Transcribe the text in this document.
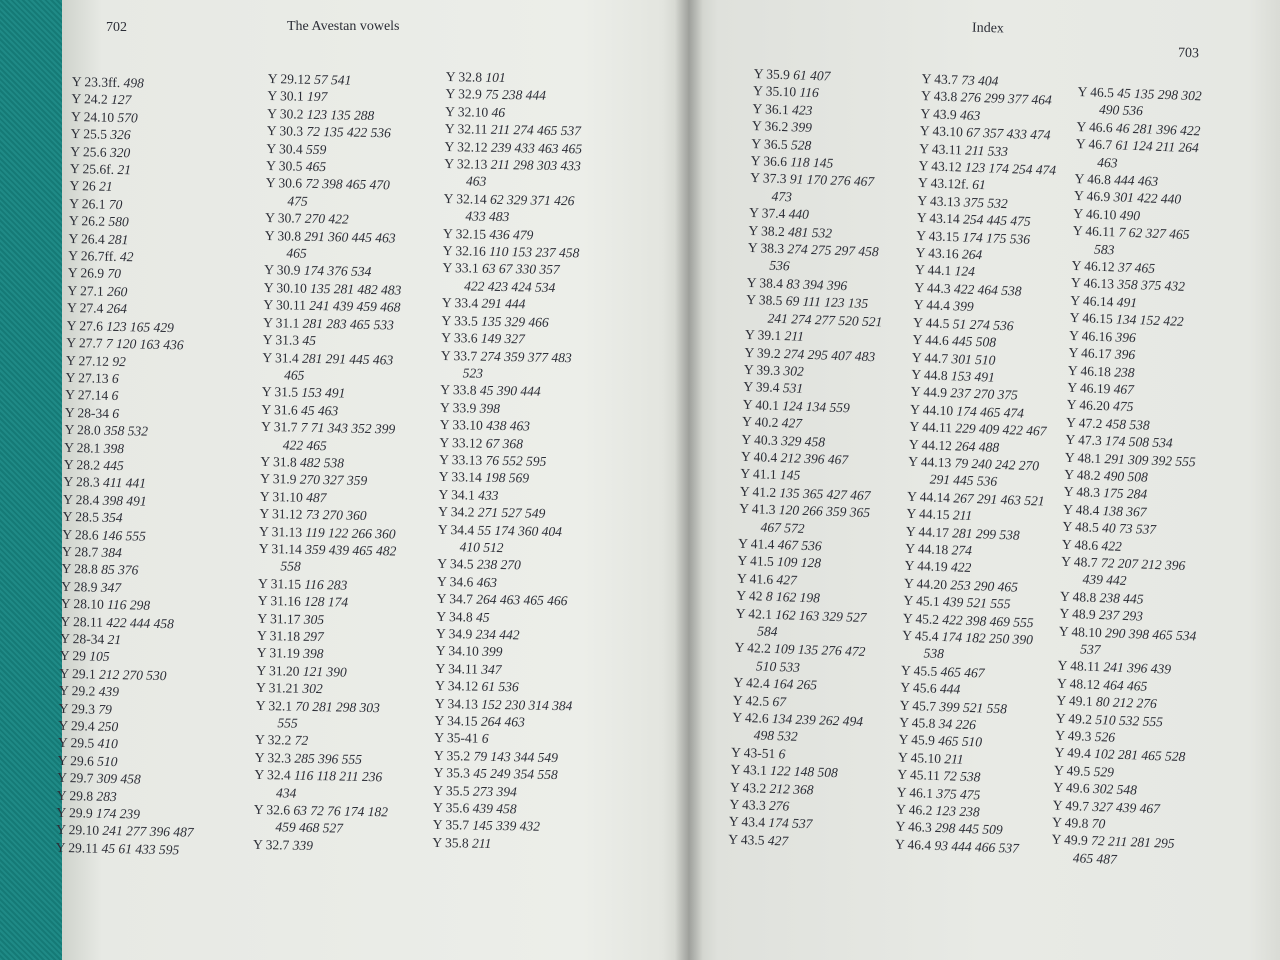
702	The Avestan vowels
Y 23.3ff. 498
Y 24.2 127
Y 24.10 570
Y 25.5 326
Y 25.6 320
Y 25.6f. 21
Y 26 21
Y 26.1 70
Y 26.2 580
Y 26.4 281
Y 26.7ff. 42
Y 26.9 70
Y 27.1 260
Y 27.4 264
Y 27.6 123 165 429
Y 27.7 7 120 163 436
Y 27.12 92
Y 27.13 6
Y 27.14 6
Y 28-34 6
Y 28.0 358 532
Y 28.1 398
Y 28.2 445
Y 28.3 411 441
Y 28.4 398 491
Y 28.5 354
Y 28.6 146 555
Y 28.7 384
Y 28.8 85 376
Y 28.9 347
Y 28.10 116 298
Y 28.11 422 444 458
Y 28-34 21
Y 29 105
Y 29.1 212 270 530
Y 29.2 439
Y 29.3 79
Y 29.4 250
Y 29.5 410
Y 29.6 510
Y 29.7 309 458
Y 29.8 283
Y 29.9 174 239
Y 29.10 241 277 396 487
Y 29.11 45 61 433 595
Y 29.12 57 541
Y 30.1 197
Y 30.2 123 135 288
Y 30.3 72 135 422 536
Y 30.4 559
Y 30.5 465
Y 30.6 72 398 465 470
475
Y 30.7 270 422
Y 30.8 291 360 445 463
465
Y 30.9 174 376 534
Y 30.10 135 281 482 483
Y 30.11 241 439 459 468
Y 31.1 281 283 465 533
Y 31.3 45
Y 31.4 281 291 445 463
465
Y 31.5 153 491
Y 31.6 45 463
Y 31.7 7 71 343 352 399
422 465
Y 31.8 482 538
Y 31.9 270 327 359
Y 31.10 487
Y 31.12 73 270 360
Y 31.13 119 122 266 360
Y 31.14 359 439 465 482
558
Y 31.15 116 283
Y 31.16 128 174
Y 31.17 305
Y 31.18 297
Y 31.19 398
Y 31.20 121 390
Y 31.21 302
Y 32.1 70 281 298 303
555
Y 32.2 72
Y 32.3 285 396 555
Y 32.4 116 118 211 236
434
Y 32.6 63 72 76 174 182
459 468 527
Y 32.7 339
Y 32.8 101
Y 32.9 75 238 444
Y 32.10 46
Y 32.11 211 274 465 537
Y 32.12 239 433 463 465
Y 32.13 211 298 303 433
463
Y 32.14 62 329 371 426
433 483
Y 32.15 436 479
Y 32.16 110 153 237 458
Y 33.1 63 67 330 357
422 423 424 534
Y 33.4 291 444
Y 33.5 135 329 466
Y 33.6 149 327
Y 33.7 274 359 377 483
523
Y 33.8 45 390 444
Y 33.9 398
Y 33.10 438 463
Y 33.12 67 368
Y 33.13 76 552 595
Y 33.14 198 569
Y 34.1 433
Y 34.2 271 527 549
Y 34.4 55 174 360 404
410 512
Y 34.5 238 270
Y 34.6 463
Y 34.7 264 463 465 466
Y 34.8 45
Y 34.9 234 442
Y 34.10 399
Y 34.11 347
Y 34.12 61 536
Y 34.13 152 230 314 384
Y 34.15 264 463
Y 35-41 6
Y 35.2 79 143 344 549
Y 35.3 45 249 354 558
Y 35.5 273 394
Y 35.6 439 458
Y 35.7 145 339 432
Y 35.8 211
Index
703
Y 35.9 61 407
Y 35.10 116
Y 36.1 423
Y 36.2 399
Y 36.5 528
Y 36.6 118 145
Y 37.3 91 170 276 467
473
Y 37.4 440
Y 38.2 481 532
Y 38.3 274 275 297 458
536
Y 38.4 83 394 396
Y 38.5 69 111 123 135
241 274 277 520 521
Y 39.1 211
Y 39.2 274 295 407 483
Y 39.3 302
Y 39.4 531
Y 40.1 124 134 559
Y 40.2 427
Y 40.3 329 458
Y 40.4 212 396 467
Y 41.1 145
Y 41.2 135 365 427 467
Y 41.3 120 266 359 365
467 572
Y 41.4 467 536
Y 41.5 109 128
Y 41.6 427
Y 42 8 162 198
Y 42.1 162 163 329 527
584
Y 42.2 109 135 276 472
510 533
Y 42.4 164 265
Y 42.5 67
Y 42.6 134 239 262 494
498 532
Y 43-51 6
Y 43.1 122 148 508
Y 43.2 212 368
Y 43.3 276
Y 43.4 174 537
Y 43.5 427
Y 43.7 73 404
Y 43.8 276 299 377 464
Y 43.9 463
Y 43.10 67 357 433 474
Y 43.11 211 533
Y 43.12 123 174 254 474
Y 43.12f. 61
Y 43.13 375 532
Y 43.14 254 445 475
Y 43.15 174 175 536
Y 43.16 264
Y 44.1 124
Y 44.3 422 464 538
Y 44.4 399
Y 44.5 51 274 536
Y 44.6 445 508
Y 44.7 301 510
Y 44.8 153 491
Y 44.9 237 270 375
Y 44.10 174 465 474
Y 44.11 229 409 422 467
Y 44.12 264 488
Y 44.13 79 240 242 270
291 445 536
Y 44.14 267 291 463 521
Y 44.15 211
Y 44.17 281 299 538
Y 44.18 274
Y 44.19 422
Y 44.20 253 290 465
Y 45.1 439 521 555
Y 45.2 422 398 469 555
Y 45.4 174 182 250 390
538
Y 45.5 465 467
Y 45.6 444
Y 45.7 399 521 558
Y 45.8 34 226
Y 45.9 465 510
Y 45.10 211
Y 45.11 72 538
Y 46.1 375 475
Y 46.2 123 238
Y 46.3 298 445 509
Y 46.4 93 444 466 537
Y 46.5 45 135 298 302
490 536
Y 46.6 46 281 396 422
Y 46.7 61 124 211 264
463
Y 46.8 444 463
Y 46.9 301 422 440
Y 46.10 490
Y 46.11 7 62 327 465
583
Y 46.12 37 465
Y 46.13 358 375 432
Y 46.14 491
Y 46.15 134 152 422
Y 46.16 396
Y 46.17 396
Y 46.18 238
Y 46.19 467
Y 46.20 475
Y 47.2 458 538
Y 47.3 174 508 534
Y 48.1 291 309 392 555
Y 48.2 490 508
Y 48.3 175 284
Y 48.4 138 367
Y 48.5 40 73 537
Y 48.6 422
Y 48.7 72 207 212 396
439 442
Y 48.8 238 445
Y 48.9 237 293
Y 48.10 290 398 465 534
537
Y 48.11 241 396 439
Y 48.12 464 465
Y 49.1 80 212 276
Y 49.2 510 532 555
Y 49.3 526
Y 49.4 102 281 465 528
Y 49.5 529
Y 49.6 302 548
Y 49.7 327 439 467
Y 49.8 70
Y 49.9 72 211 281 295
465 487
